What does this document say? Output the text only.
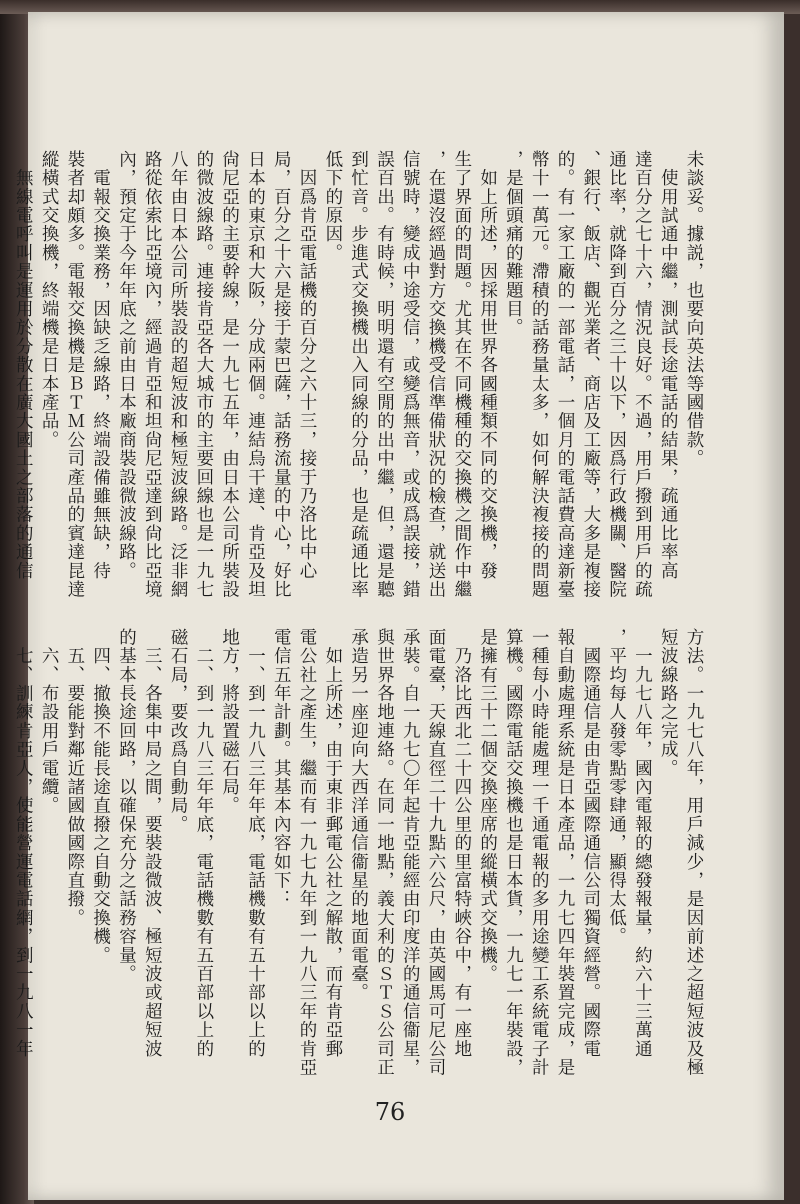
未談妥。據説，也要向英法等國借款。
　使用試通中繼，測試長途電話的結果，疏通比率高
達百分之七十六，情況良好。不過，用戶撥到用戶的疏
通比率，就降到百分之三十以下，因爲行政機關、醫院
、銀行、飯店、觀光業者、商店及工廠等，大多是複接
的。有一家工廠的一部電話，一個月的電話費高達新臺
幣十一萬元。滯積的話務量太多，如何解決複接的問題
，是個頭痛的難題目。
　如上所述，因採用世界各國種類不同的交換機，發
生了界面的問題。尤其在不同機種的交換機之間作中繼
，在還沒經過對方交換機受信準備狀況的檢查，就送出
信號時，變成中途受信，或變爲無音，或成爲誤接，錯
誤百出。有時候，明明還有空閒的出中繼，但，還是聽
到忙音。步進式交換機出入同線的分品，也是疏通比率
低下的原因。
　因爲肯亞電話機的百分之六十三，接于乃洛比中心
局，百分之十六是接于蒙巴薩，話務流量的中心，好比
日本的東京和大阪，分成兩個。連結烏干達、肯亞及坦
尙尼亞的主要幹線，是一九七五年，由日本公司所裝設
的微波線路。連接肯亞各大城市的主要回線也是一九七
八年由日本公司所裝設的超短波和極短波線路。泛非網
路從依索比亞境內，經過肯亞和坦尙尼亞達到尙比亞境
內，預定于今年年底之前由日本廠商裝設微波線路。
　電報交換業務，因缺乏線路，終端設備雖無缺，待
裝者却頗多。電報交換機是ＢＴＭ公司產品的賓達昆達
縱橫式交換機，終端機是日本產品。
　無線電呼叫是運用於分散在廣大國土之部落的通信
方法。一九七八年，用戶減少，是因前述之超短波及極
短波線路之完成。
　一九七八年，國內電報的總發報量，約六十三萬通
，平均每人發零點零肆通，顯得太低。
　國際通信是由肯亞國際通信公司獨資經營。國際電
報自動處理系統是日本產品，一九七四年裝置完成，是
一種每小時能處理一千通電報的多用途變工系統電子計
算機。國際電話交換機也是日本貨，一九七一年裝設，
是擁有三十二個交換座席的縱橫式交換機。
　乃洛比西北二十四公里的里富特峽谷中，有一座地
面電臺，天線直徑二十九點六公尺，由英國馬可尼公司
承裝。自一九七〇年起肯亞能經由印度洋的通信衞星，
與世界各地連絡。在同一地點，義大利的ＳＴＳ公司正
承造另一座迎向大西洋通信衞星的地面電臺。
　如上所述，由于東非郵電公社之解散，而有肯亞郵
電公社之產生，繼而有一九七九年到一九八三年的肯亞
電信五年計劃。其基本內容如下：
　一、到一九八三年年底，電話機數有五十部以上的
地方，將設置磁石局。
　二、到一九八三年年底，電話機數有五百部以上的
磁石局，要改爲自動局。
　三、各集中局之間，要裝設微波、極短波或超短波
的基本長途回路，以確保充分之話務容量。
　四、撤換不能長途直撥之自動交換機。
　五、要能對鄰近諸國做國際直撥。
　六、布設用戶電纜。
　七、訓練肯亞人，使能營運電話網，到一九八一年
76
